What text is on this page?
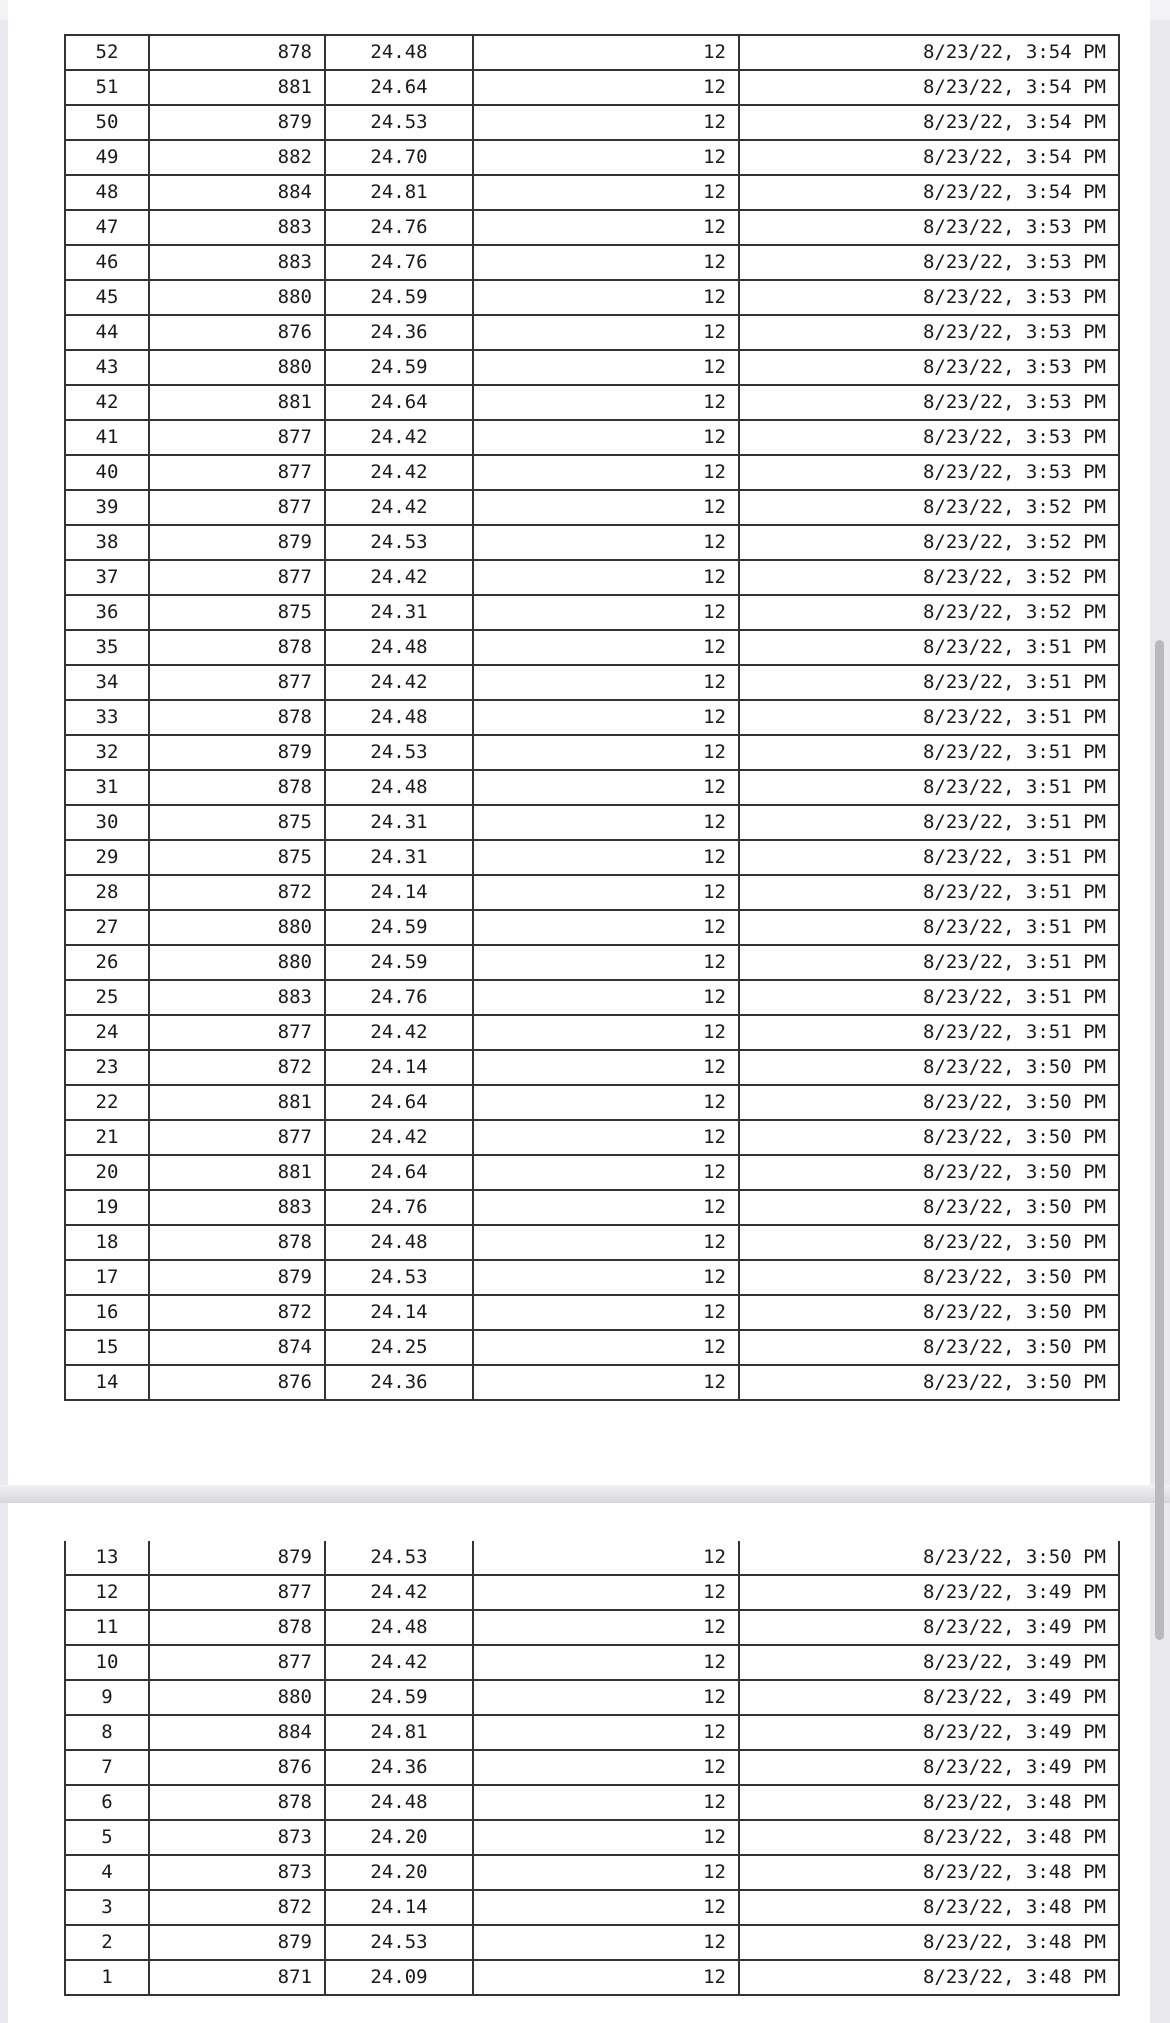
52	878	24.48	12	8/23/22, 3:54 PM
51	881	24.64	12	8/23/22, 3:54 PM
50	879	24.53	12	8/23/22, 3:54 PM
49	882	24.70	12	8/23/22, 3:54 PM
48	884	24.81	12	8/23/22, 3:54 PM
47	883	24.76	12	8/23/22, 3:53 PM
46	883	24.76	12	8/23/22, 3:53 PM
45	880	24.59	12	8/23/22, 3:53 PM
44	876	24.36	12	8/23/22, 3:53 PM
43	880	24.59	12	8/23/22, 3:53 PM
42	881	24.64	12	8/23/22, 3:53 PM
41	877	24.42	12	8/23/22, 3:53 PM
40	877	24.42	12	8/23/22, 3:53 PM
39	877	24.42	12	8/23/22, 3:52 PM
38	879	24.53	12	8/23/22, 3:52 PM
37	877	24.42	12	8/23/22, 3:52 PM
36	875	24.31	12	8/23/22, 3:52 PM
35	878	24.48	12	8/23/22, 3:51 PM
34	877	24.42	12	8/23/22, 3:51 PM
33	878	24.48	12	8/23/22, 3:51 PM
32	879	24.53	12	8/23/22, 3:51 PM
31	878	24.48	12	8/23/22, 3:51 PM
30	875	24.31	12	8/23/22, 3:51 PM
29	875	24.31	12	8/23/22, 3:51 PM
28	872	24.14	12	8/23/22, 3:51 PM
27	880	24.59	12	8/23/22, 3:51 PM
26	880	24.59	12	8/23/22, 3:51 PM
25	883	24.76	12	8/23/22, 3:51 PM
24	877	24.42	12	8/23/22, 3:51 PM
23	872	24.14	12	8/23/22, 3:50 PM
22	881	24.64	12	8/23/22, 3:50 PM
21	877	24.42	12	8/23/22, 3:50 PM
20	881	24.64	12	8/23/22, 3:50 PM
19	883	24.76	12	8/23/22, 3:50 PM
18	878	24.48	12	8/23/22, 3:50 PM
17	879	24.53	12	8/23/22, 3:50 PM
16	872	24.14	12	8/23/22, 3:50 PM
15	874	24.25	12	8/23/22, 3:50 PM
14	876	24.36	12	8/23/22, 3:50 PM
13	879	24.53	12	8/23/22, 3:50 PM
12	877	24.42	12	8/23/22, 3:49 PM
11	878	24.48	12	8/23/22, 3:49 PM
10	877	24.42	12	8/23/22, 3:49 PM
9	880	24.59	12	8/23/22, 3:49 PM
8	884	24.81	12	8/23/22, 3:49 PM
7	876	24.36	12	8/23/22, 3:49 PM
6	878	24.48	12	8/23/22, 3:48 PM
5	873	24.20	12	8/23/22, 3:48 PM
4	873	24.20	12	8/23/22, 3:48 PM
3	872	24.14	12	8/23/22, 3:48 PM
2	879	24.53	12	8/23/22, 3:48 PM
1	871	24.09	12	8/23/22, 3:48 PM
